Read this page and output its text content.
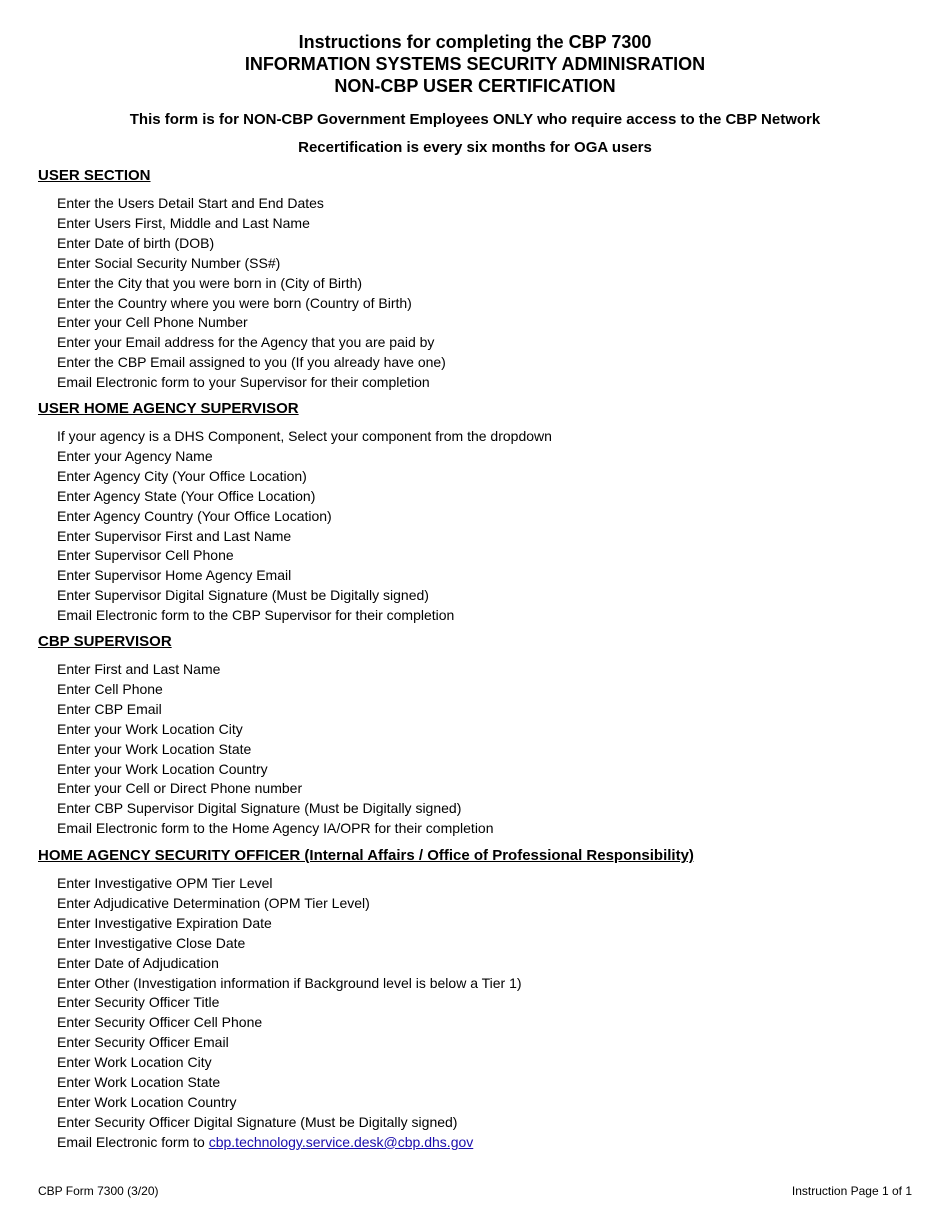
Instructions for completing the CBP 7300
INFORMATION SYSTEMS SECURITY ADMINISRATION
NON-CBP USER CERTIFICATION
This form is for NON-CBP Government Employees ONLY who require access to the CBP Network
Recertification is every six months for OGA users
USER SECTION
Enter the Users Detail Start and End Dates
Enter Users First, Middle and Last Name
Enter Date of birth (DOB)
Enter Social Security Number (SS#)
Enter the City that you were born in (City of Birth)
Enter the Country where you were born (Country of Birth)
Enter your Cell Phone Number
Enter your Email address for the Agency that you are paid by
Enter the CBP Email assigned to you (If you already have one)
Email Electronic form to your Supervisor for their completion
USER HOME AGENCY SUPERVISOR
If your agency is a DHS Component, Select your component from the dropdown
Enter your Agency Name
Enter Agency City (Your Office Location)
Enter Agency State (Your Office Location)
Enter Agency Country (Your Office Location)
Enter Supervisor First and Last Name
Enter Supervisor Cell Phone
Enter Supervisor Home Agency Email
Enter Supervisor Digital Signature (Must be Digitally signed)
Email Electronic form to the CBP Supervisor for their completion
CBP SUPERVISOR
Enter First and Last Name
Enter Cell Phone
Enter CBP Email
Enter your Work Location City
Enter your Work Location State
Enter your Work Location Country
Enter your Cell or Direct Phone number
Enter CBP Supervisor Digital Signature (Must be Digitally signed)
Email Electronic form to the Home Agency IA/OPR for their completion
HOME AGENCY SECURITY OFFICER (Internal Affairs / Office of Professional Responsibility)
Enter Investigative OPM Tier Level
Enter Adjudicative Determination (OPM Tier Level)
Enter Investigative Expiration Date
Enter Investigative Close Date
Enter Date of Adjudication
Enter Other (Investigation information if Background level is below a Tier 1)
Enter Security Officer Title
Enter Security Officer Cell Phone
Enter Security Officer Email
Enter Work Location City
Enter Work Location State
Enter Work Location Country
Enter Security Officer Digital Signature (Must be Digitally signed)
Email Electronic form to cbp.technology.service.desk@cbp.dhs.gov
CBP Form 7300 (3/20)	Instruction Page 1 of 1
